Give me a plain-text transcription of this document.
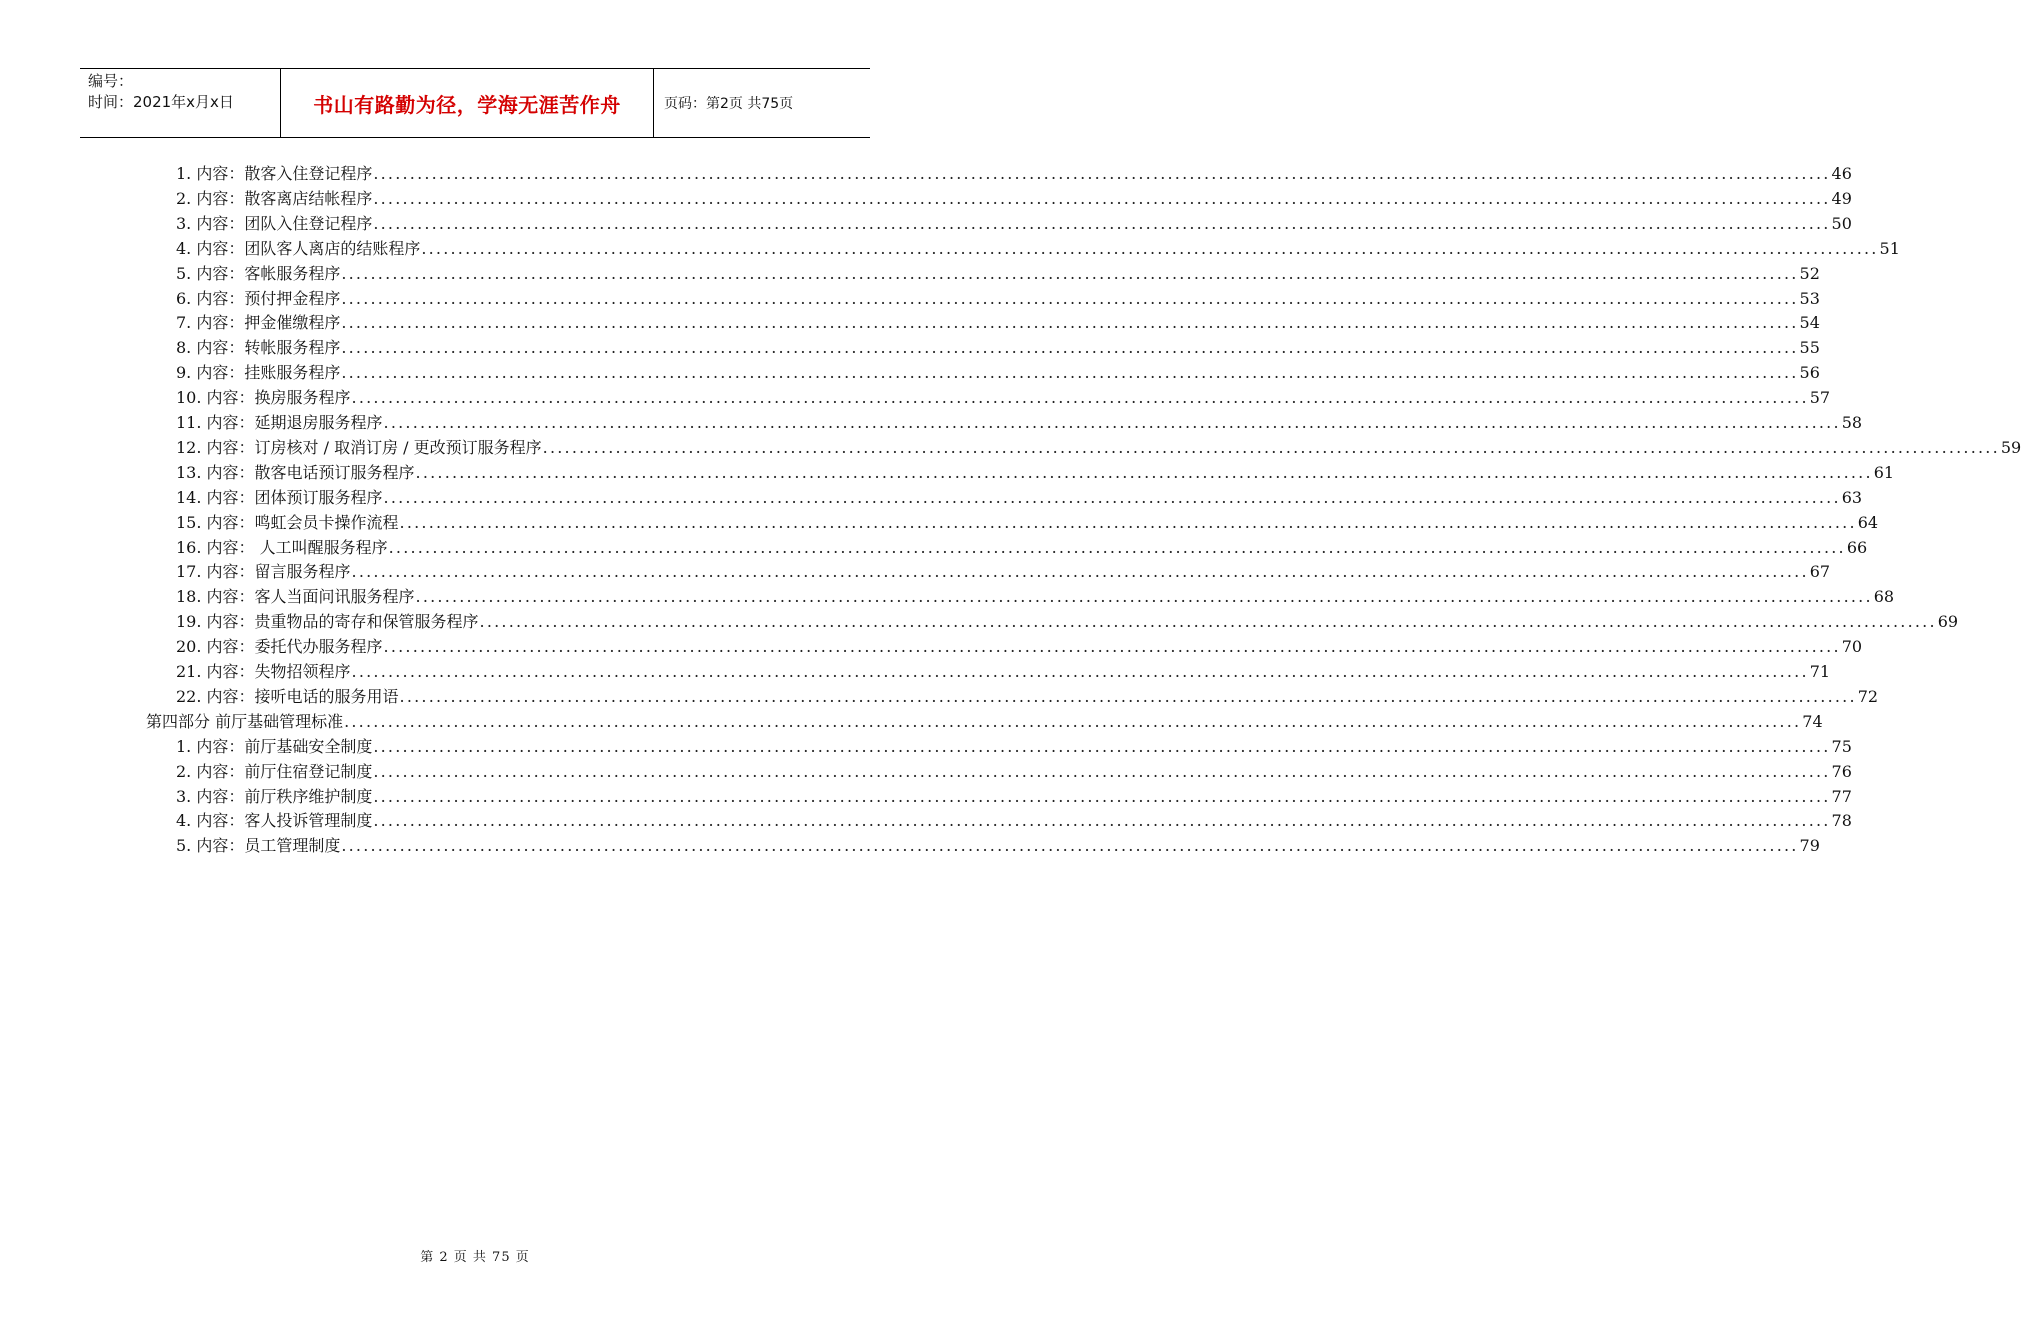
编号：
时间：2021年x月x日	书山有路勤为径，学海无涯苦作舟	页码：第2页 共75页
1. 内容：散客入住登记程序 ........................................................................................................................................................................................................ 46
2. 内容：散客离店结帐程序 ........................................................................................................................................................................................................ 49
3. 内容：团队入住登记程序 ........................................................................................................................................................................................................ 50
4. 内容：团队客人离店的结账程序 ........................................................................................................................................................................................................ 51
5. 内容：客帐服务程序 ........................................................................................................................................................................................................ 52
6. 内容：预付押金程序 ........................................................................................................................................................................................................ 53
7. 内容：押金催缴程序 ........................................................................................................................................................................................................ 54
8. 内容：转帐服务程序 ........................................................................................................................................................................................................ 55
9. 内容：挂账服务程序 ........................................................................................................................................................................................................ 56
10. 内容：换房服务程序 ........................................................................................................................................................................................................ 57
11. 内容：延期退房服务程序 ........................................................................................................................................................................................................ 58
12. 内容：订房核对 / 取消订房 / 更改预订服务程序 ........................................................................................................................................................................................................ 59
13. 内容：散客电话预订服务程序 ........................................................................................................................................................................................................ 61
14. 内容：团体预订服务程序 ........................................................................................................................................................................................................ 63
15. 内容：鸣虹会员卡操作流程 ........................................................................................................................................................................................................ 64
16. 内容： 人工叫醒服务程序 ........................................................................................................................................................................................................ 66
17. 内容：留言服务程序 ........................................................................................................................................................................................................ 67
18. 内容：客人当面问讯服务程序 ........................................................................................................................................................................................................ 68
19. 内容：贵重物品的寄存和保管服务程序 ........................................................................................................................................................................................................ 69
20. 内容：委托代办服务程序 ........................................................................................................................................................................................................ 70
21. 内容：失物招领程序 ........................................................................................................................................................................................................ 71
22. 内容：接听电话的服务用语 ........................................................................................................................................................................................................ 72
第四部分 前厅基础管理标准 ........................................................................................................................................................................................................ 74
1. 内容：前厅基础安全制度 ........................................................................................................................................................................................................ 75
2. 内容：前厅住宿登记制度 ........................................................................................................................................................................................................ 76
3. 内容：前厅秩序维护制度 ........................................................................................................................................................................................................ 77
4. 内容：客人投诉管理制度 ........................................................................................................................................................................................................ 78
5. 内容：员工管理制度 ........................................................................................................................................................................................................ 79
第 2 页 共 75 页
